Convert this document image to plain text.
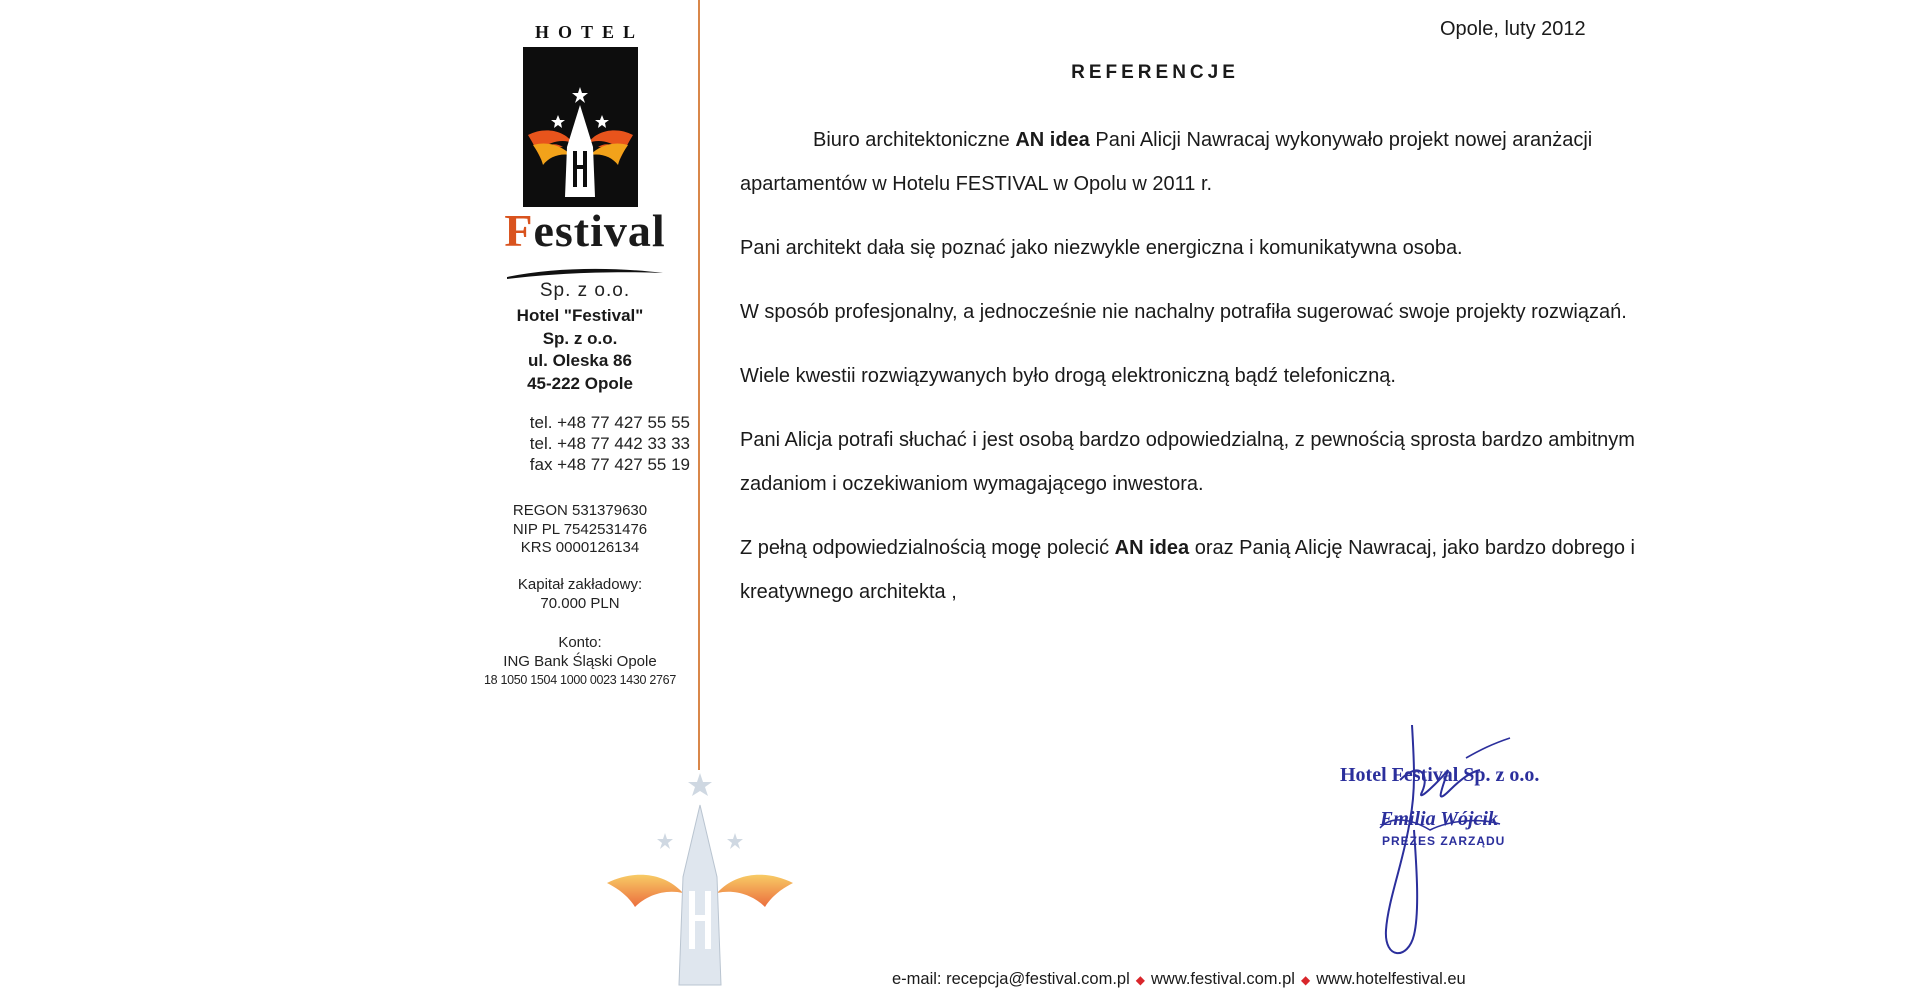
HOTEL
Festival
Sp. z o.o.
Hotel "Festival"
Sp. z o.o.
ul. Oleska 86
45-222 Opole
tel. +48 77 427 55 55
tel. +48 77 442 33 33
fax +48 77 427 55 19
REGON 531379630
NIP PL 7542531476
KRS 0000126134
Kapitał zakładowy:
70.000 PLN
Konto:
ING Bank Śląski Opole
18 1050 1504 1000 0023 1430 2767
Opole, luty 2012
REFERENCJE

Biuro architektoniczne AN idea Pani Alicji Nawracaj wykonywało projekt nowej aranżacji apartamentów w Hotelu FESTIVAL w Opolu w 2011 r.

Pani architekt dała się poznać jako niezwykle energiczna i komunikatywna osoba.

W sposób profesjonalny, a jednocześnie nie nachalny potrafiła sugerować swoje projekty rozwiązań.

Wiele kwestii rozwiązywanych było drogą elektroniczną bądź telefoniczną.

Pani Alicja potrafi słuchać i jest osobą bardzo odpowiedzialną, z pewnością sprosta bardzo ambitnym zadaniom i oczekiwaniom wymagającego inwestora.

Z pełną odpowiedzialnością mogę polecić AN idea oraz Panią Alicję Nawracaj, jako bardzo dobrego i kreatywnego architekta ,

Hotel Festival Sp. z o.o.
Emilia Wójcik
PREZES ZARZĄDU
e-mail: recepcja@festival.com.pl ◆ www.festival.com.pl ◆ www.hotelfestival.eu
